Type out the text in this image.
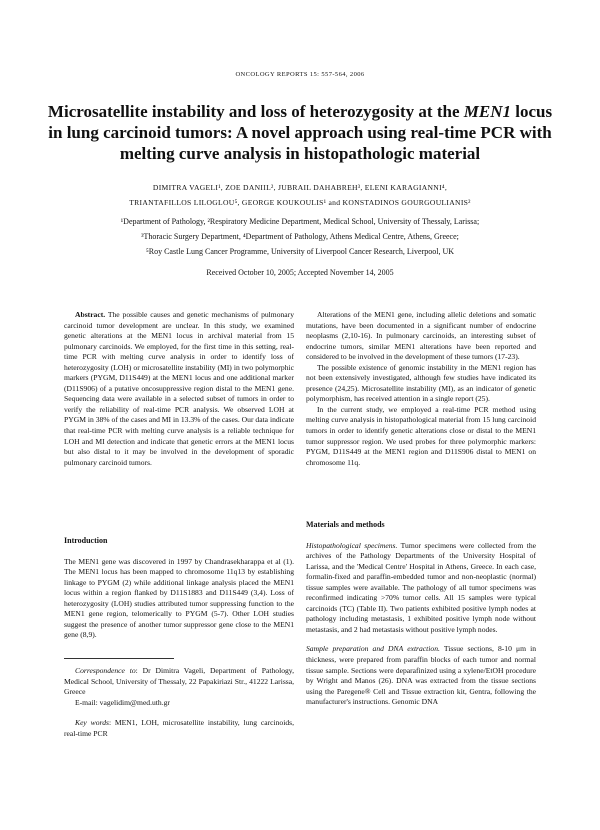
ONCOLOGY REPORTS 15: 557-564, 2006
Microsatellite instability and loss of heterozygosity at the MEN1 locus in lung carcinoid tumors: A novel approach using real-time PCR with melting curve analysis in histopathologic material
DIMITRA VAGELI¹, ZOE DANIIL², JUBRAIL DAHABREH³, ELENI KARAGIANNI⁴,
TRIANTAFILLOS LILOGLOU⁵, GEORGE KOUKOULIS¹ and KONSTADINOS GOURGOULIANIS²
¹Department of Pathology, ²Respiratory Medicine Department, Medical School, University of Thessaly, Larissa;
³Thoracic Surgery Department, ⁴Department of Pathology, Athens Medical Centre, Athens, Greece;
⁵Roy Castle Lung Cancer Programme, University of Liverpool Cancer Research, Liverpool, UK
Received October 10, 2005; Accepted November 14, 2005

Abstract. The possible causes and genetic mechanisms of pulmonary carcinoid tumor development are unclear. In this study, we examined genetic alterations at the MEN1 locus in archival material from 15 pulmonary carcinoids. We employed, for the first time in this setting, real-time PCR with melting curve analysis in order to identify loss of heterozygosity (LOH) or microsatellite instability (MI) in two polymorphic markers (PYGM, D11S449) at the MEN1 locus and one additional marker (D11S906) of a putative oncosuppressive region distal to the MEN1 gene. Sequencing data were available in a selected subset of tumors in order to verify the reliability of real-time PCR analysis. We observed LOH at PYGM in 38% of the cases and MI in 13.3% of the cases. Our data indicate that real-time PCR with melting curve analysis is a reliable technique for LOH and MI detection and indicate that genetic errors at the MEN1 locus but also distal to it may be involved in the development of sporadic pulmonary carcinoid tumors.

Introduction

The MEN1 gene was discovered in 1997 by Chandrasekharappa et al (1). The MEN1 locus has been mapped to chromosome 11q13 by establishing linkage to PYGM (2) while additional linkage analysis placed the MEN1 locus within a region flanked by D11S1883 and D11S449 (3,4). Loss of heterozygosity (LOH) studies attributed tumor suppressing function to the MEN1 gene region, telomerically to PYGM (5-7). Other LOH studies suggest the presence of another tumor suppressor gene close to the MEN1 gene (8,9).

Correspondence to: Dr Dimitra Vageli, Department of Pathology, Medical School, University of Thessaly, 22 Papakiriazi Str., 41222 Larissa, Greece

E-mail: vagelidim@med.uth.gr

Key words: MEN1, LOH, microsatellite instability, lung carcinoids, real-time PCR

Alterations of the MEN1 gene, including allelic deletions and somatic mutations, have been documented in a significant number of endocrine neoplasms (2,10-16). In pulmonary carcinoids, an interesting subset of endocrine tumors, similar MEN1 alterations have been reported and considered to be involved in the development of these tumors (17-23).

The possible existence of genomic instability in the MEN1 region has not been extensively investigated, although few studies have indicated its presence (24,25). Microsatellite instability (MI), as an indicator of genetic polymorphism, has received attention in a single report (25).

In the current study, we employed a real-time PCR method using melting curve analysis in histopathological material from 15 lung carcinoid tumors in order to identify genetic alterations close or distal to the MEN1 tumor suppressor region. We used probes for three polymorphic markers: PYGM, D11S449 at the MEN1 region and D11S906 distal to MEN1 on chromosome 11q.

Materials and methods

Histopathological specimens. Tumor specimens were collected from the archives of the Pathology Departments of the University Hospital of Larissa, and the 'Medical Centre' Hospital in Athens, Greece. In each case, formalin-fixed and paraffin-embedded tumor and non-neoplastic (normal) tissue samples were available. The pathology of all tumor specimens was reconfirmed indicating >70% tumor cells. All 15 samples were typical carcinoids (TC) (Table II). Two patients exhibited positive lymph nodes at pathology including metastasis, 1 exhibited positive lymph node without metastasis, and 2 had metastasis without positive lymph nodes.

Sample preparation and DNA extraction. Tissue sections, 8-10 μm in thickness, were prepared from paraffin blocks of each tumor and normal tissue sample. Sections were deparafinized using a xylene/EtOH procedure by Wright and Manos (26). DNA was extracted from the tissue sections using the Paregene® Cell and Tissue extraction kit, Gentra, following the manufacturer's instructions. Genomic DNA
